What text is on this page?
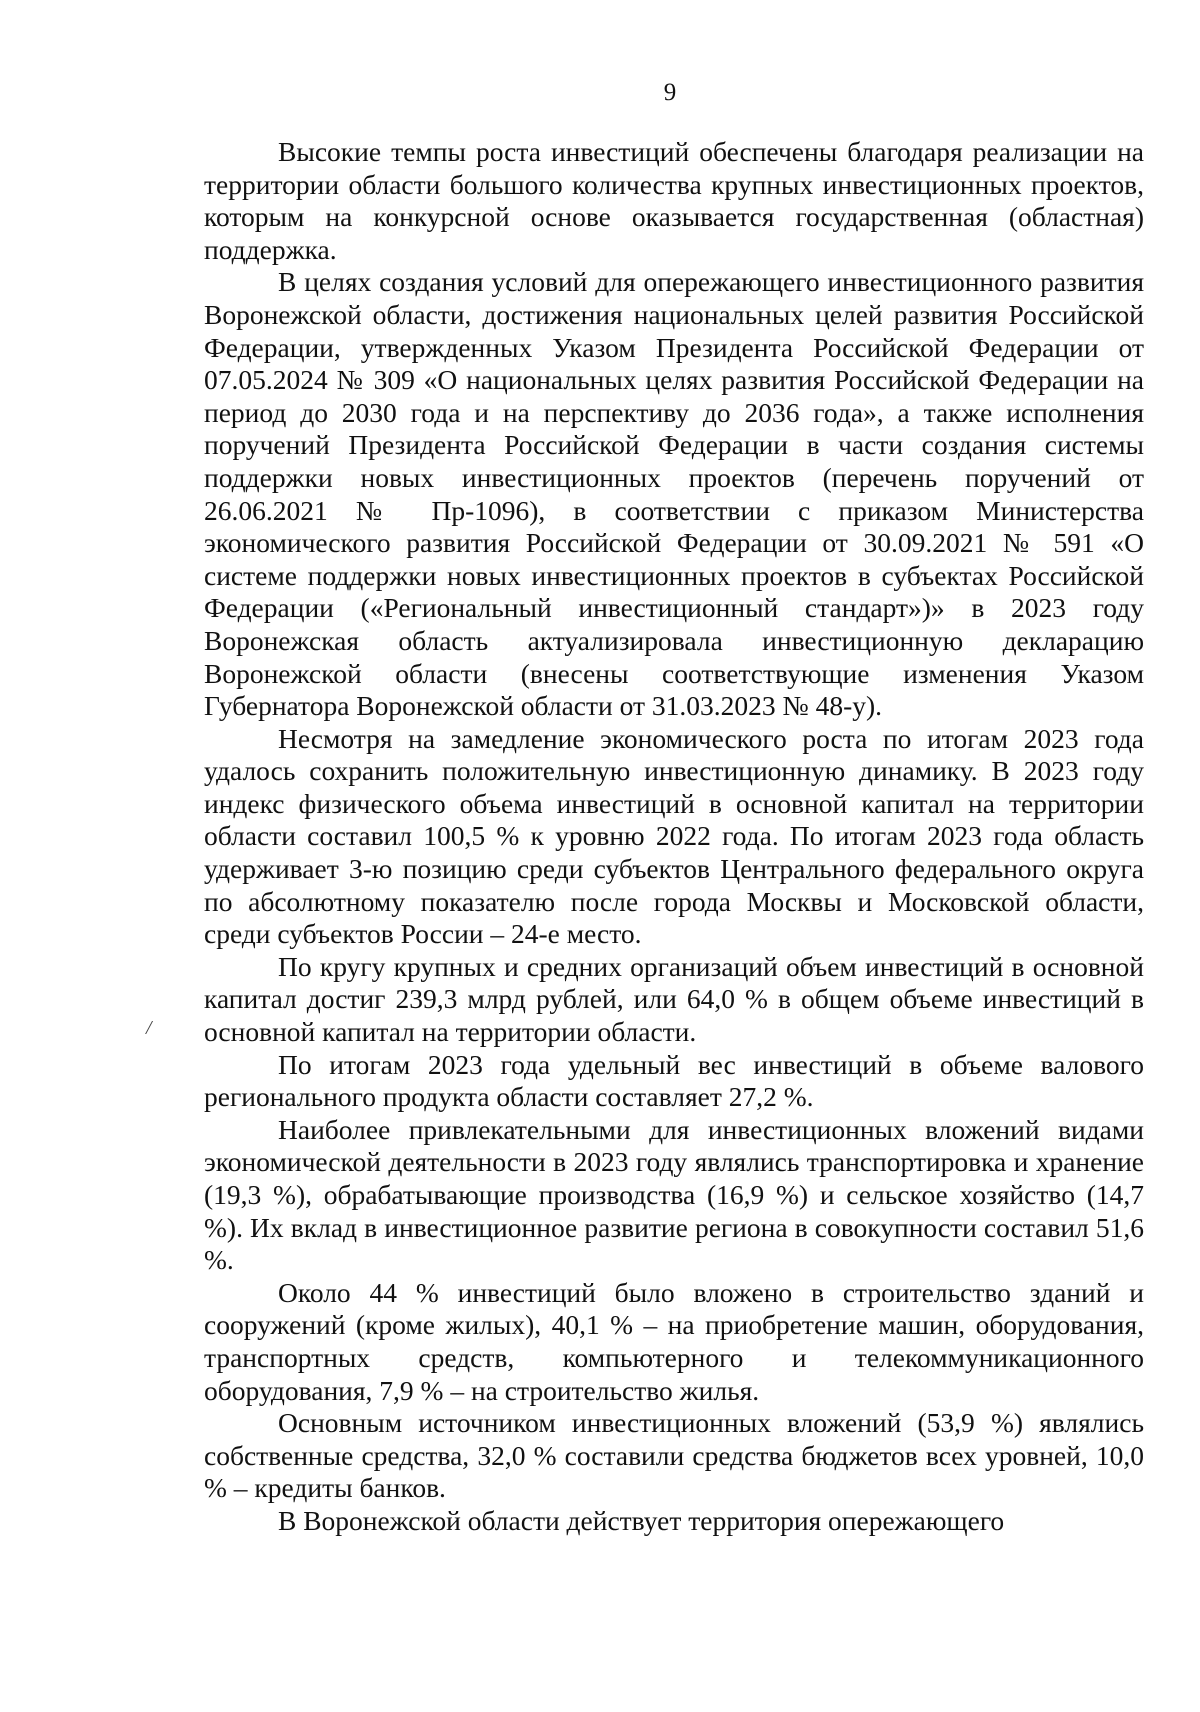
9
/

Высокие темпы роста инвестиций обеспечены благодаря реализации на территории области большого количества крупных инвестиционных проектов, которым на конкурсной основе оказывается государственная (областная) поддержка.

В целях создания условий для опережающего инвестиционного развития Воронежской области, достижения национальных целей развития Российской Федерации, утвержденных Указом Президента Российской Федерации от 07.05.2024 № 309 «О национальных целях развития Российской Федерации на период до 2030 года и на перспективу до 2036 года», а также исполнения поручений Президента Российской Федерации в части создания системы поддержки новых инвестиционных проектов (перечень поручений от 26.06.2021 № Пр-1096), в соответствии с приказом Министерства экономического развития Российской Федерации от 30.09.2021 № 591 «О системе поддержки новых инвестиционных проектов в субъектах Российской Федерации («Региональный инвестиционный стандарт»)» в 2023 году Воронежская область актуализировала инвестиционную декларацию Воронежской области (внесены соответствующие изменения Указом Губернатора Воронежской области от 31.03.2023 № 48-у).

Несмотря на замедление экономического роста по итогам 2023 года удалось сохранить положительную инвестиционную динамику. В 2023 году индекс физического объема инвестиций в основной капитал на территории области составил 100,5 % к уровню 2022 года. По итогам 2023 года область удерживает 3-ю позицию среди субъектов Центрального федерального округа по абсолютному показателю после города Москвы и Московской области, среди субъектов России – 24-е место.

По кругу крупных и средних организаций объем инвестиций в основной капитал достиг 239,3 млрд рублей, или 64,0 % в общем объеме инвестиций в основной капитал на территории области.

По итогам 2023 года удельный вес инвестиций в объеме валового регионального продукта области составляет 27,2 %.

Наиболее привлекательными для инвестиционных вложений видами экономической деятельности в 2023 году являлись транспортировка и хранение (19,3 %), обрабатывающие производства (16,9 %) и сельское хозяйство (14,7 %). Их вклад в инвестиционное развитие региона в совокупности составил 51,6 %.

Около 44 % инвестиций было вложено в строительство зданий и сооружений (кроме жилых), 40,1 % – на приобретение машин, оборудования, транспортных средств, компьютерного и телекоммуникационного оборудования, 7,9 % – на строительство жилья.

Основным источником инвестиционных вложений (53,9 %) являлись собственные средства, 32,0 % составили средства бюджетов всех уровней, 10,0 % – кредиты банков.

В Воронежской области действует территория опережающего
